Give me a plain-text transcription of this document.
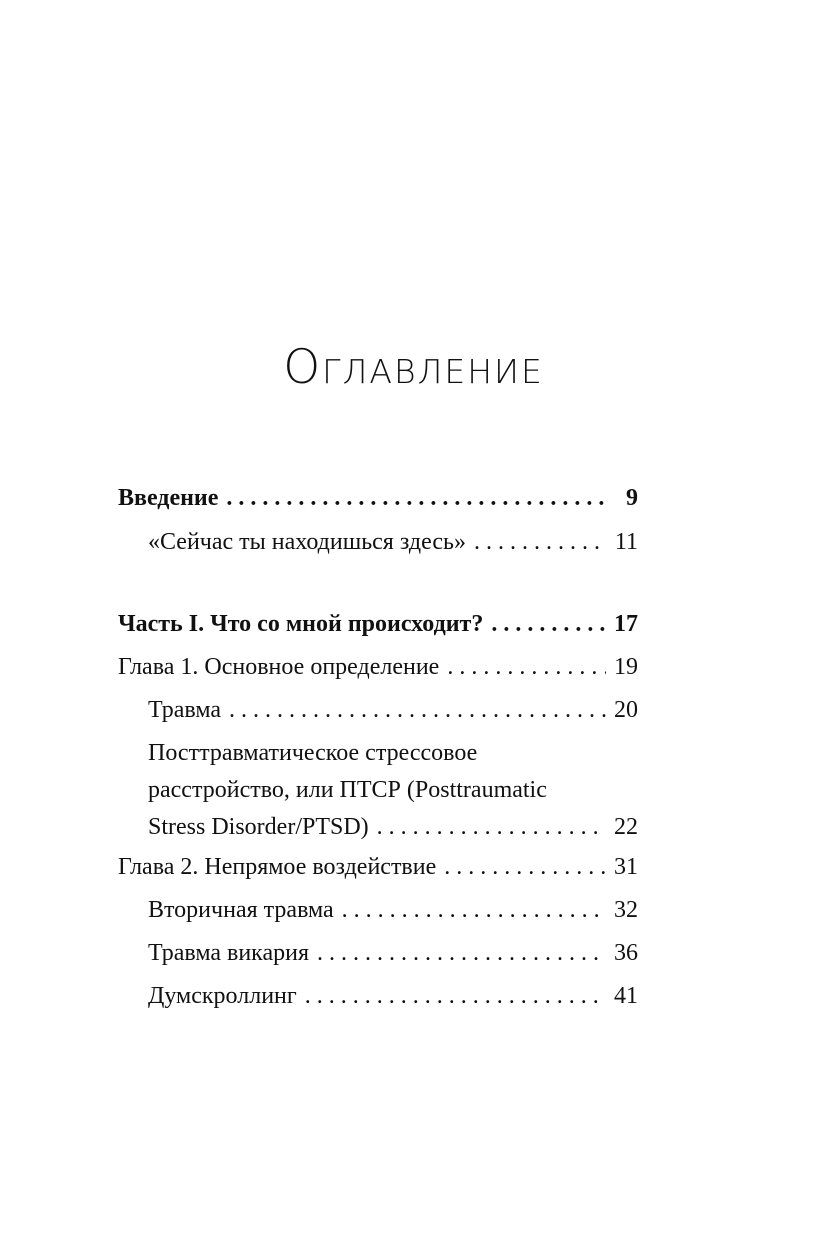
Оглавление
Введение . . .	9
«Сейчас ты находишься здесь» . . .	11
Часть I. Что со мной происходит? . . .	17
Глава 1. Основное определение . . .	19
Травма . . .	20
Посттравматическое стрессовое
расстройство, или ПТСР (Posttraumatic
Stress Disorder/PTSD) . . .	22
Глава 2. Непрямое воздействие . . .	31
Вторичная травма . . .	32
Травма викария . . .	36
Думскроллинг . . .	41
